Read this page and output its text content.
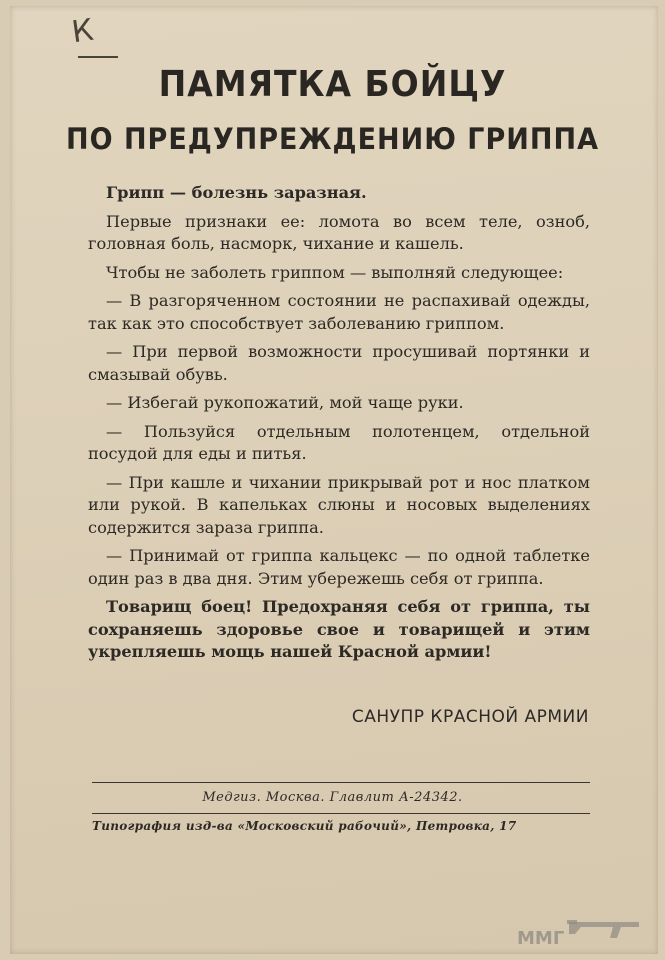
К
ПАМЯТКА БОЙЦУ
ПО ПРЕДУПРЕЖДЕНИЮ ГРИППА

Грипп — болезнь заразная.

Первые признаки ее: ломота во всем теле, озноб, головная боль, насморк, чихание и кашель.

Чтобы не заболеть гриппом — выполняй следующее:

— В разгоряченном состоянии не распахивай одежды, так как это способствует заболеванию гриппом.

— При первой возможности просушивай портянки и смазывай обувь.

— Избегай рукопожатий, мой чаще руки.

— Пользуйся отдельным полотенцем, отдельной посудой для еды и питья.

— При кашле и чихании прикрывай рот и нос платком или рукой. В капельках слюны и носовых выделениях содержится зараза гриппа.

— Принимай от гриппа кальцекс — по одной таблетке один раз в два дня. Этим убережешь себя от гриппа.

Товарищ боец! Предохраняя себя от гриппа, ты сохраняешь здоровье свое и товарищей и этим укрепляешь мощь нашей Красной армии!

САНУПР КРАСНОЙ АРМИИ
Медгиз. Москва. Главлит А-24342.
Типография изд-ва «Московский рабочий», Петровка, 17
ММГ
